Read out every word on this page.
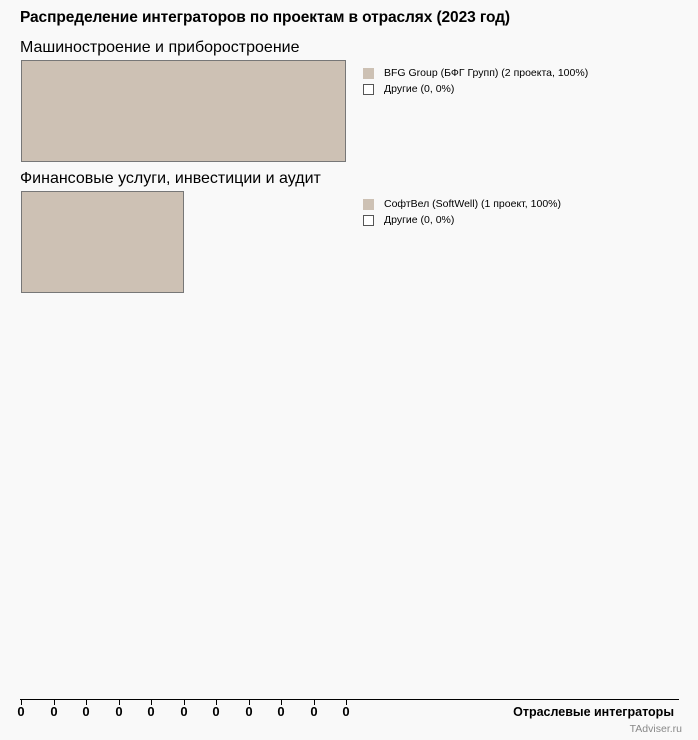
Распределение интеграторов по проектам в отраслях (2023 год)
Машиностроение и приборостроение
BFG Group (БФГ Групп) (2 проекта, 100%)
Другие (0, 0%)
Финансовые услуги, инвестиции и аудит
СофтВел (SoftWell) (1 проект, 100%)
Другие (0, 0%)
0	0	0	0	0	0	0	0	0	0	0	Отраслевые интеграторы
TAdviser.ru
